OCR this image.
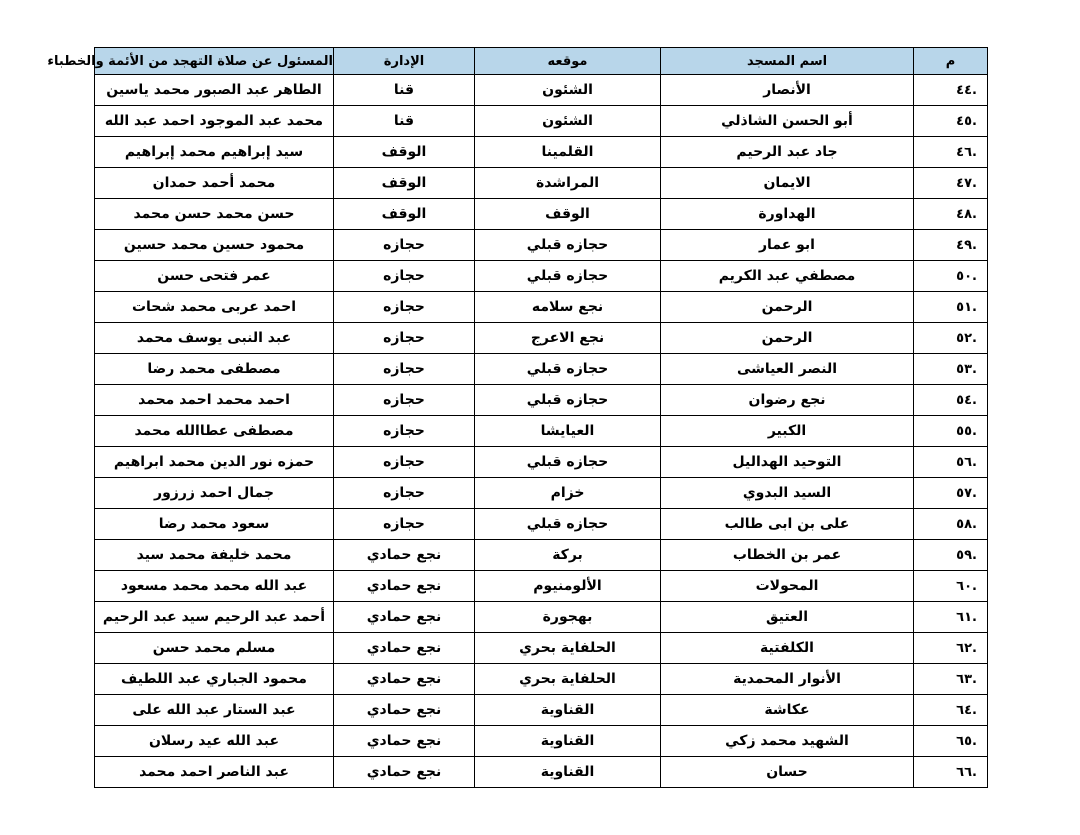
م	اسم المسجد	موقعه	الإدارة	المسئول عن صلاة التهجد من الأئمة والخطباء
.٤٤	الأنصار	الشئون	قنا	الطاهر عبد الصبور محمد ياسين
.٤٥	أبو الحسن الشاذلي	الشئون	قنا	محمد عبد الموجود احمد عبد الله
.٤٦	جاد عبد الرحيم	القلمينا	الوقف	سيد إبراهيم محمد إبراهيم
.٤٧	الايمان	المراشدة	الوقف	محمد أحمد حمدان
.٤٨	الهداورة	الوقف	الوقف	حسن محمد حسن محمد
.٤٩	ابو عمار	حجازه قبلي	حجازه	محمود حسين محمد حسين
.٥٠	مصطفي عبد الكريم	حجازه قبلي	حجازه	عمر فتحى حسن
.٥١	الرحمن	نجع سلامه	حجازه	احمد عربى محمد شحات
.٥٢	الرحمن	نجع الاعرج	حجازه	عبد النبى يوسف محمد
.٥٣	النصر العياشى	حجازه قبلي	حجازه	مصطفى محمد رضا
.٥٤	نجع رضوان	حجازه قبلي	حجازه	احمد محمد احمد محمد
.٥٥	الكبير	العيايشا	حجازه	مصطفى عطاالله محمد
.٥٦	التوحيد الهداليل	حجازه قبلي	حجازه	حمزه نور الدين محمد ابراهيم
.٥٧	السيد البدوي	خزام	حجازه	جمال احمد زرزور
.٥٨	على بن ابى طالب	حجازه قبلي	حجازه	سعود محمد رضا
.٥٩	عمر بن الخطاب	بركة	نجع حمادي	محمد خليفة محمد سيد
.٦٠	المحولات	الألومنيوم	نجع حمادي	عبد الله محمد محمد مسعود
.٦١	العتيق	بهجورة	نجع حمادي	أحمد عبد الرحيم سيد عبد الرحيم
.٦٢	الكلفتية	الحلفاية بحري	نجع حمادي	مسلم محمد حسن
.٦٣	الأنوار المحمدية	الحلفاية بحري	نجع حمادي	محمود الجباري عبد اللطيف
.٦٤	عكاشة	القناوية	نجع حمادي	عبد الستار عبد الله على
.٦٥	الشهيد محمد زكي	القناوية	نجع حمادي	عبد الله عيد رسلان
.٦٦	حسان	القناوية	نجع حمادي	عبد الناصر احمد محمد
